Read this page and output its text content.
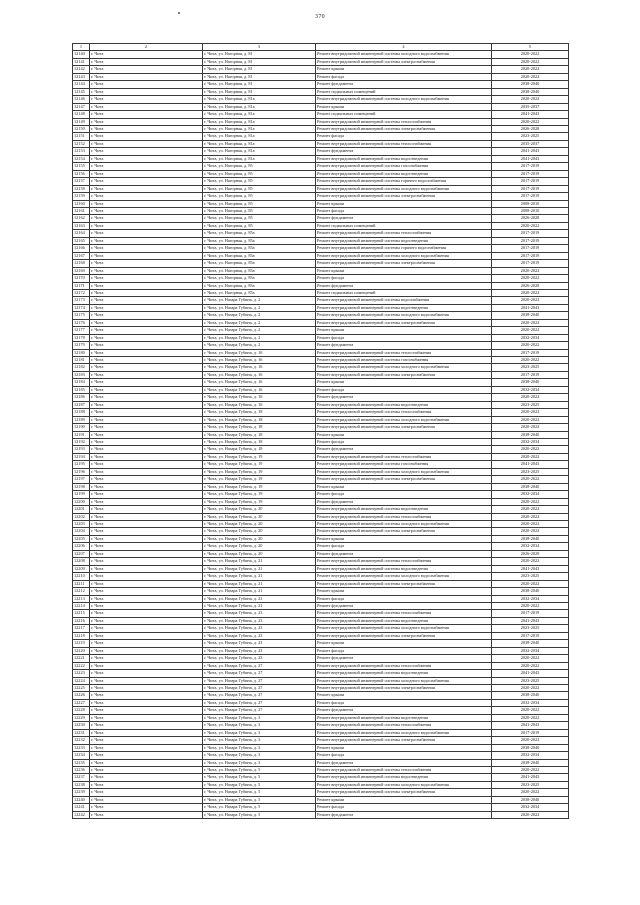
370
1	2	3	4	5
12140	г. Чита	г. Чита, ул. Нагорная, д. 81	Ремонт внутридомовой инженерной системы холодного водоснабжения	2020-2022
12141	г. Чита	г. Чита, ул. Нагорная, д. 81	Ремонт внутридомовой инженерной системы электроснабжения	2020-2022
12142	г. Чита	г. Чита, ул. Нагорная, д. 81	Ремонт крыши	2020-2022
12143	г. Чита	г. Чита, ул. Нагорная, д. 81	Ремонт фасада	2020-2022
12144	г. Чита	г. Чита, ул. Нагорная, д. 81	Ремонт фундамента	2038-2040
12145	г. Чита	г. Чита, ул. Нагорная, д. 81	Ремонт подвальных помещений	2038-2040
12146	г. Чита	г. Чита, ул. Нагорная, д. 81а	Ремонт внутридомовой инженерной системы холодного водоснабжения	2020-2022
12147	г. Чита	г. Чита, ул. Нагорная, д. 81а	Ремонт крыши	2035-2037
12148	г. Чита	г. Чита, ул. Нагорная, д. 81а	Ремонт подвальных помещений	2041-2043
12149	г. Чита	г. Чита, ул. Нагорная, д. 81а	Ремонт внутридомовой инженерной системы теплоснабжения	2020-2022
12150	г. Чита	г. Чита, ул. Нагорная, д. 81а	Ремонт внутридомовой инженерной системы электроснабжения	2026-2028
12151	г. Чита	г. Чита, ул. Нагорная, д. 81а	Ремонт фасада	2023-2025
12152	г. Чита	г. Чита, ул. Нагорная, д. 81а	Ремонт внутридомовой инженерной системы теплоснабжения	2035-2037
12153	г. Чита	г. Чита, ул. Нагорная, д. 81а	Ремонт фундамента	2041-2043
12154	г. Чита	г. Чита, ул. Нагорная, д. 81а	Ремонт внутридомовой инженерной системы водоотведения	2041-2043
12155	г. Чита	г. Чита, ул. Нагорная, д. 85	Ремонт внутридомовой инженерной системы газоснабжения	2017-2019
12156	г. Чита	г. Чита, ул. Нагорная, д. 85	Ремонт внутридомовой инженерной системы водоотведения	2017-2019
12157	г. Чита	г. Чита, ул. Нагорная, д. 85	Ремонт внутридомовой инженерной системы горячего водоснабжения	2017-2019
12158	г. Чита	г. Чита, ул. Нагорная, д. 85	Ремонт внутридомовой инженерной системы холодного водоснабжения	2017-2019
12159	г. Чита	г. Чита, ул. Нагорная, д. 85	Ремонт внутридомовой инженерной системы электроснабжения	2017-2019
12160	г. Чита	г. Чита, ул. Нагорная, д. 85	Ремонт крыши	2008-2010
12161	г. Чита	г. Чита, ул. Нагорная, д. 85	Ремонт фасада	2008-2010
12162	г. Чита	г. Чита, ул. Нагорная, д. 85	Ремонт фундамента	2026-2028
12163	г. Чита	г. Чита, ул. Нагорная, д. 85	Ремонт подвальных помещений	2020-2022
12164	г. Чита	г. Чита, ул. Нагорная, д. 85а	Ремонт внутридомовой инженерной системы теплоснабжения	2017-2019
12165	г. Чита	г. Чита, ул. Нагорная, д. 85а	Ремонт внутридомовой инженерной системы водоотведения	2017-2019
12166	г. Чита	г. Чита, ул. Нагорная, д. 85а	Ремонт внутридомовой инженерной системы горячего водоснабжения	2017-2019
12167	г. Чита	г. Чита, ул. Нагорная, д. 85а	Ремонт внутридомовой инженерной системы холодного водоснабжения	2017-2019
12168	г. Чита	г. Чита, ул. Нагорная, д. 85а	Ремонт внутридомовой инженерной системы электроснабжения	2017-2019
12169	г. Чита	г. Чита, ул. Нагорная, д. 85а	Ремонт крыши	2020-2022
12170	г. Чита	г. Чита, ул. Нагорная, д. 85а	Ремонт фасада	2020-2022
12171	г. Чита	г. Чита, ул. Нагорная, д. 85а	Ремонт фундамента	2026-2028
12172	г. Чита	г. Чита, ул. Нагорная, д. 85а	Ремонт подвальных помещений	2020-2022
12173	г. Чита	г. Чита, ул. Назара Губина, д. 2	Ремонт внутридомовой инженерной системы водоснабжения	2020-2022
12174	г. Чита	г. Чита, ул. Назара Губина, д. 2	Ремонт внутридомовой инженерной системы водоотведения	2041-2043
12175	г. Чита	г. Чита, ул. Назара Губина, д. 2	Ремонт внутридомовой инженерной системы холодного водоснабжения	2038-2040
12176	г. Чита	г. Чита, ул. Назара Губина, д. 2	Ремонт внутридомовой инженерной системы электроснабжения	2020-2022
12177	г. Чита	г. Чита, ул. Назара Губина, д. 2	Ремонт крыши	2020-2022
12178	г. Чита	г. Чита, ул. Назара Губина, д. 2	Ремонт фасада	2032-2034
12179	г. Чита	г. Чита, ул. Назара Губина, д. 2	Ремонт фундамента	2020-2022
12180	г. Чита	г. Чита, ул. Назара Губина, д. 16	Ремонт внутридомовой инженерной системы теплоснабжения	2017-2019
12181	г. Чита	г. Чита, ул. Назара Губина, д. 16	Ремонт внутридомовой инженерной системы газоснабжения	2020-2022
12182	г. Чита	г. Чита, ул. Назара Губина, д. 16	Ремонт внутридомовой инженерной системы холодного водоснабжения	2023-2025
12183	г. Чита	г. Чита, ул. Назара Губина, д. 16	Ремонт внутридомовой инженерной системы электроснабжения	2017-2019
12184	г. Чита	г. Чита, ул. Назара Губина, д. 16	Ремонт крыши	2038-2040
12185	г. Чита	г. Чита, ул. Назара Губина, д. 16	Ремонт фасада	2032-2034
12186	г. Чита	г. Чита, ул. Назара Губина, д. 16	Ремонт фундамента	2020-2022
12187	г. Чита	г. Чита, ул. Назара Губина, д. 16	Ремонт внутридомовой инженерной системы водоотведения	2023-2025
12188	г. Чита	г. Чита, ул. Назара Губина, д. 18	Ремонт внутридомовой инженерной системы теплоснабжения	2020-2022
12189	г. Чита	г. Чита, ул. Назара Губина, д. 18	Ремонт внутридомовой инженерной системы холодного водоснабжения	2020-2022
12190	г. Чита	г. Чита, ул. Назара Губина, д. 18	Ремонт внутридомовой инженерной системы электроснабжения	2020-2022
12191	г. Чита	г. Чита, ул. Назара Губина, д. 18	Ремонт крыши	2038-2040
12192	г. Чита	г. Чита, ул. Назара Губина, д. 18	Ремонт фасада	2032-2034
12193	г. Чита	г. Чита, ул. Назара Губина, д. 18	Ремонт фундамента	2020-2022
12194	г. Чита	г. Чита, ул. Назара Губина, д. 19	Ремонт внутридомовой инженерной системы теплоснабжения	2020-2022
12195	г. Чита	г. Чита, ул. Назара Губина, д. 19	Ремонт внутридомовой инженерной системы газоснабжения	2041-2043
12196	г. Чита	г. Чита, ул. Назара Губина, д. 19	Ремонт внутридомовой инженерной системы холодного водоснабжения	2023-2025
12197	г. Чита	г. Чита, ул. Назара Губина, д. 19	Ремонт внутридомовой инженерной системы электроснабжения	2020-2022
12198	г. Чита	г. Чита, ул. Назара Губина, д. 19	Ремонт крыши	2038-2040
12199	г. Чита	г. Чита, ул. Назара Губина, д. 19	Ремонт фасада	2032-2034
12200	г. Чита	г. Чита, ул. Назара Губина, д. 19	Ремонт фундамента	2020-2022
12201	г. Чита	г. Чита, ул. Назара Губина, д. 20	Ремонт внутридомовой инженерной системы водоотведения	2020-2022
12202	г. Чита	г. Чита, ул. Назара Губина, д. 20	Ремонт внутридомовой инженерной системы теплоснабжения	2020-2022
12203	г. Чита	г. Чита, ул. Назара Губина, д. 20	Ремонт внутридомовой инженерной системы холодного водоснабжения	2020-2022
12204	г. Чита	г. Чита, ул. Назара Губина, д. 20	Ремонт внутридомовой инженерной системы электроснабжения	2020-2022
12205	г. Чита	г. Чита, ул. Назара Губина, д. 20	Ремонт крыши	2038-2040
12206	г. Чита	г. Чита, ул. Назара Губина, д. 20	Ремонт фасада	2032-2034
12207	г. Чита	г. Чита, ул. Назара Губина, д. 20	Ремонт фундамента	2026-2028
12208	г. Чита	г. Чита, ул. Назара Губина, д. 21	Ремонт внутридомовой инженерной системы теплоснабжения	2020-2022
12209	г. Чита	г. Чита, ул. Назара Губина, д. 21	Ремонт внутридомовой инженерной системы водоотведения	2041-2043
12210	г. Чита	г. Чита, ул. Назара Губина, д. 21	Ремонт внутридомовой инженерной системы холодного водоснабжения	2023-2025
12211	г. Чита	г. Чита, ул. Назара Губина, д. 21	Ремонт внутридомовой инженерной системы электроснабжения	2020-2022
12212	г. Чита	г. Чита, ул. Назара Губина, д. 21	Ремонт крыши	2038-2040
12213	г. Чита	г. Чита, ул. Назара Губина, д. 21	Ремонт фасада	2032-2034
12214	г. Чита	г. Чита, ул. Назара Губина, д. 21	Ремонт фундамента	2020-2022
12215	г. Чита	г. Чита, ул. Назара Губина, д. 23	Ремонт внутридомовой инженерной системы теплоснабжения	2017-2019
12216	г. Чита	г. Чита, ул. Назара Губина, д. 23	Ремонт внутридомовой инженерной системы водоотведения	2041-2043
12217	г. Чита	г. Чита, ул. Назара Губина, д. 23	Ремонт внутридомовой инженерной системы холодного водоснабжения	2023-2025
12218	г. Чита	г. Чита, ул. Назара Губина, д. 23	Ремонт внутридомовой инженерной системы электроснабжения	2017-2019
12219	г. Чита	г. Чита, ул. Назара Губина, д. 23	Ремонт крыши	2038-2040
12220	г. Чита	г. Чита, ул. Назара Губина, д. 23	Ремонт фасада	2032-2034
12221	г. Чита	г. Чита, ул. Назара Губина, д. 23	Ремонт фундамента	2020-2022
12222	г. Чита	г. Чита, ул. Назара Губина, д. 27	Ремонт внутридомовой инженерной системы теплоснабжения	2020-2022
12223	г. Чита	г. Чита, ул. Назара Губина, д. 27	Ремонт внутридомовой инженерной системы водоотведения	2041-2043
12224	г. Чита	г. Чита, ул. Назара Губина, д. 27	Ремонт внутридомовой инженерной системы холодного водоснабжения	2023-2025
12225	г. Чита	г. Чита, ул. Назара Губина, д. 27	Ремонт внутридомовой инженерной системы электроснабжения	2020-2022
12226	г. Чита	г. Чита, ул. Назара Губина, д. 27	Ремонт крыши	2038-2040
12227	г. Чита	г. Чита, ул. Назара Губина, д. 27	Ремонт фасада	2032-2034
12228	г. Чита	г. Чита, ул. Назара Губина, д. 27	Ремонт фундамента	2020-2022
12229	г. Чита	г. Чита, ул. Назара Губина, д. 3	Ремонт внутридомовой инженерной системы водоотведения	2020-2022
12230	г. Чита	г. Чита, ул. Назара Губина, д. 3	Ремонт внутридомовой инженерной системы теплоснабжения	2041-2043
12231	г. Чита	г. Чита, ул. Назара Губина, д. 3	Ремонт внутридомовой инженерной системы холодного водоснабжения	2017-2019
12232	г. Чита	г. Чита, ул. Назара Губина, д. 3	Ремонт внутридомовой инженерной системы электроснабжения	2020-2022
12233	г. Чита	г. Чита, ул. Назара Губина, д. 3	Ремонт крыши	2038-2040
12234	г. Чита	г. Чита, ул. Назара Губина, д. 3	Ремонт фасада	2032-2034
12235	г. Чита	г. Чита, ул. Назара Губина, д. 3	Ремонт фундамента	2038-2040
12236	г. Чита	г. Чита, ул. Назара Губина, д. 5	Ремонт внутридомовой инженерной системы теплоснабжения	2020-2022
12237	г. Чита	г. Чита, ул. Назара Губина, д. 5	Ремонт внутридомовой инженерной системы водоотведения	2041-2043
12238	г. Чита	г. Чита, ул. Назара Губина, д. 5	Ремонт внутридомовой инженерной системы холодного водоснабжения	2023-2025
12239	г. Чита	г. Чита, ул. Назара Губина, д. 5	Ремонт внутридомовой инженерной системы электроснабжения	2020-2022
12240	г. Чита	г. Чита, ул. Назара Губина, д. 5	Ремонт крыши	2038-2040
12241	г. Чита	г. Чита, ул. Назара Губина, д. 5	Ремонт фасада	2032-2034
12242	г. Чита	г. Чита, ул. Назара Губина, д. 5	Ремонт фундамента	2020-2022
